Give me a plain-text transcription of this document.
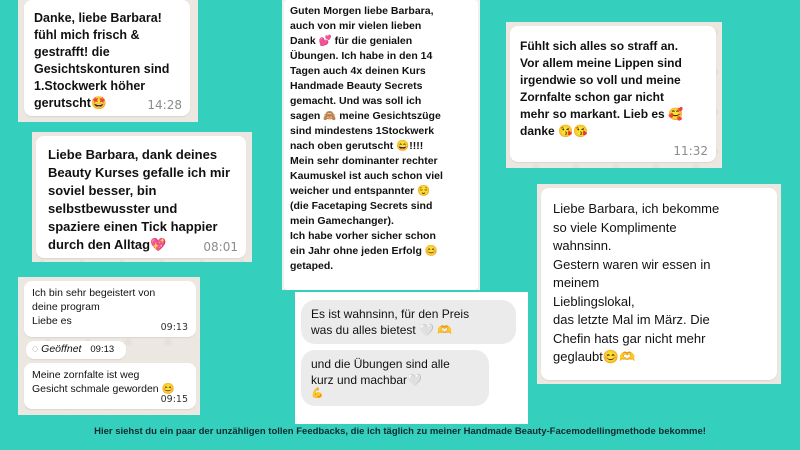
Danke, liebe Barbara!
fühl mich frisch &
gestrafft! die
Gesichtskonturen sind
1.Stockwerk höher
gerutscht🤩	14:28
Liebe Barbara, dank deines
Beauty Kurses gefalle ich mir
soviel besser, bin
selbstbewusster und
spaziere einen Tick happier
durch den Alltag💖	08:01
Ich bin sehr begeistert von
deine program
Liebe es
09:13
◌ Geöffnet 09:13
Meine zornfalte ist weg
Gesicht schmale geworden 😊
09:15
Guten Morgen liebe Barbara,
auch von mir vielen lieben
Dank 💕 für die genialen
Übungen. Ich habe in den 14
Tagen auch 4x deinen Kurs
Handmade Beauty Secrets
gemacht. Und was soll ich
sagen 🙈 meine Gesichtszüge
sind mindestens 1Stockwerk
nach oben gerutscht 😄!!!!
Mein sehr dominanter rechter
Kaumuskel ist auch schon viel
weicher und entspannter 😌
(die Facetaping Secrets sind
mein Gamechanger).
Ich habe vorher sicher schon
ein Jahr ohne jeden Erfolg 😊
getaped.
Es ist wahnsinn, für den Preis
was du alles bietest 🤍 🫶
und die Übungen sind alle
kurz und machbar🤍
💪
Fühlt sich alles so straff an.
Vor allem meine Lippen sind
irgendwie so voll und meine
Zornfalte schon gar nicht
mehr so markant. Lieb es 🥰
danke 😘😘
11:32
Liebe Barbara, ich bekomme
so viele Komplimente
wahnsinn.
Gestern waren wir essen in
meinem
Lieblingslokal,
das letzte Mal im März. Die
Chefin hats gar nicht mehr
geglaubt😊🫶
Hier siehst du ein paar der unzähligen tollen Feedbacks, die ich täglich zu meiner Handmade Beauty-Facemodellingmethode bekomme!
